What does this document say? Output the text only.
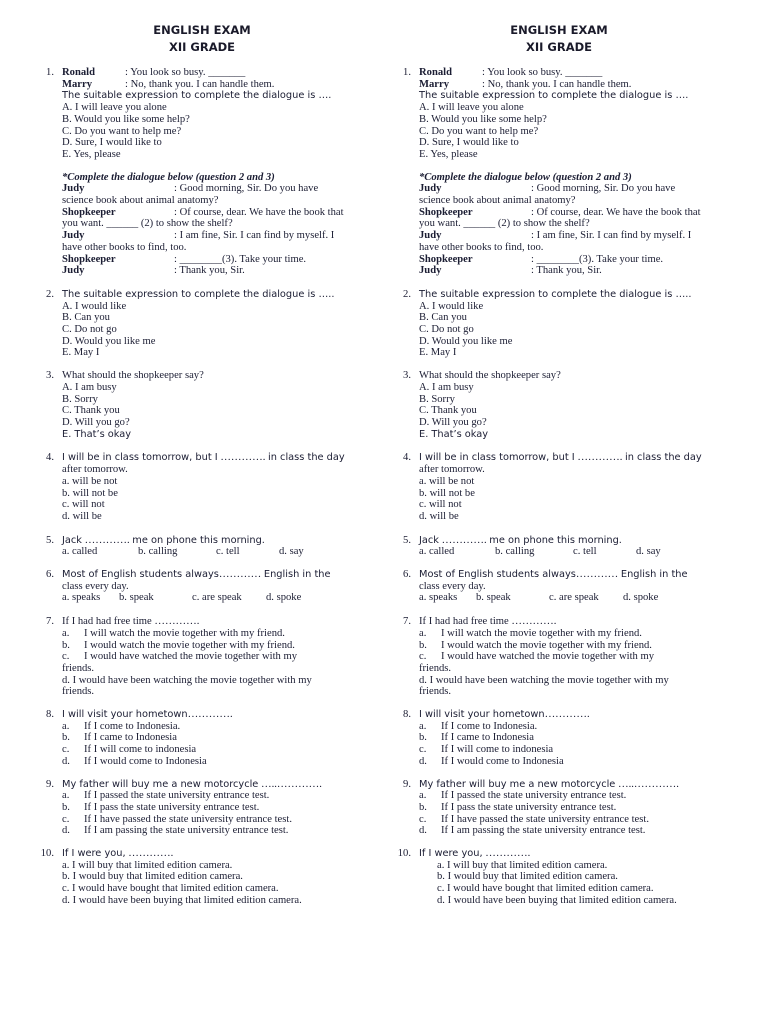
ENGLISH EXAM
XII GRADE
1. Ronald	: You look so busy. _______
Marry	: No, thank you. I can handle them.
The suitable expression to complete the dialogue is ….
A. I will leave you alone
B. Would you like some help?
C. Do you want to help me?
D. Sure, I would like to
E. Yes, please
*Complete the dialogue below (question 2 and 3)
Judy	: Good morning, Sir. Do you have
science book about animal anatomy?
Shopkeeper	: Of course, dear. We have the book that
you want. ______ (2) to show the shelf?
Judy	: I am fine, Sir. I can find by myself. I
have other books to find, too.
Shopkeeper	: ________(3). Take your time.
Judy	: Thank you, Sir.
2. The suitable expression to complete the dialogue is …..
A. I would like
B. Can you
C. Do not go
D. Would you like me
E. May I
3. What should the shopkeeper say?
A. I am busy
B. Sorry
C. Thank you
D. Will you go?
E. That’s okay
4. I will be in class tomorrow, but I …………. in class the day
after tomorrow.
a. will be not
b. will not be
c. will not
d. will be
5. Jack …………. me on phone this morning.
a. called	b. calling	c. tell	d. say
6. Most of English students always………… English in the
class every day.
a. speaks b. speak	c. are speak d. spoke
7. If I had had free time ………….
a.	I will watch the movie together with my friend.
b.	I would watch the movie together with my friend.
c.	I would have watched the movie together with my
friends.
d. I would have been watching the movie together with my
friends.
8. I will visit your hometown………….
a.	If I come to Indonesia.
b.	If I came to Indonesia
c.	If I will come to indonesia
d.	If I would come to Indonesia
9. My father will buy me a new motorcycle …..………….
a.	If I passed the state university entrance test.
b.	If I pass the state university entrance test.
c.	If I have passed the state university entrance test.
d.	If I am passing the state university entrance test.
10. If I were you, ………….
a. I will buy that limited edition camera.
b. I would buy that limited edition camera.
c. I would have bought that limited edition camera.
d. I would have been buying that limited edition camera.
ENGLISH EXAM
XII GRADE
1. Ronald	: You look so busy. _______
Marry	: No, thank you. I can handle them.
The suitable expression to complete the dialogue is ….
A. I will leave you alone
B. Would you like some help?
C. Do you want to help me?
D. Sure, I would like to
E. Yes, please
*Complete the dialogue below (question 2 and 3)
Judy	: Good morning, Sir. Do you have
science book about animal anatomy?
Shopkeeper	: Of course, dear. We have the book that
you want. ______ (2) to show the shelf?
Judy	: I am fine, Sir. I can find by myself. I
have other books to find, too.
Shopkeeper	: ________(3). Take your time.
Judy	: Thank you, Sir.
2. The suitable expression to complete the dialogue is …..
A. I would like
B. Can you
C. Do not go
D. Would you like me
E. May I
3. What should the shopkeeper say?
A. I am busy
B. Sorry
C. Thank you
D. Will you go?
E. That’s okay
4. I will be in class tomorrow, but I …………. in class the day
after tomorrow.
a. will be not
b. will not be
c. will not
d. will be
5. Jack …………. me on phone this morning.
a. called	b. calling	c. tell	d. say
6. Most of English students always………… English in the
class every day.
a. speaks b. speak	c. are speak d. spoke
7. If I had had free time ………….
a.	I will watch the movie together with my friend.
b.	I would watch the movie together with my friend.
c.	I would have watched the movie together with my
friends.
d. I would have been watching the movie together with my
friends.
8. I will visit your hometown………….
a.	If I come to Indonesia.
b.	If I came to Indonesia
c.	If I will come to indonesia
d.	If I would come to Indonesia
9. My father will buy me a new motorcycle …..………….
a.	If I passed the state university entrance test.
b.	If I pass the state university entrance test.
c.	If I have passed the state university entrance test.
d.	If I am passing the state university entrance test.
10. If I were you, ………….
a. I will buy that limited edition camera.
b. I would buy that limited edition camera.
c. I would have bought that limited edition camera.
d. I would have been buying that limited edition camera.
